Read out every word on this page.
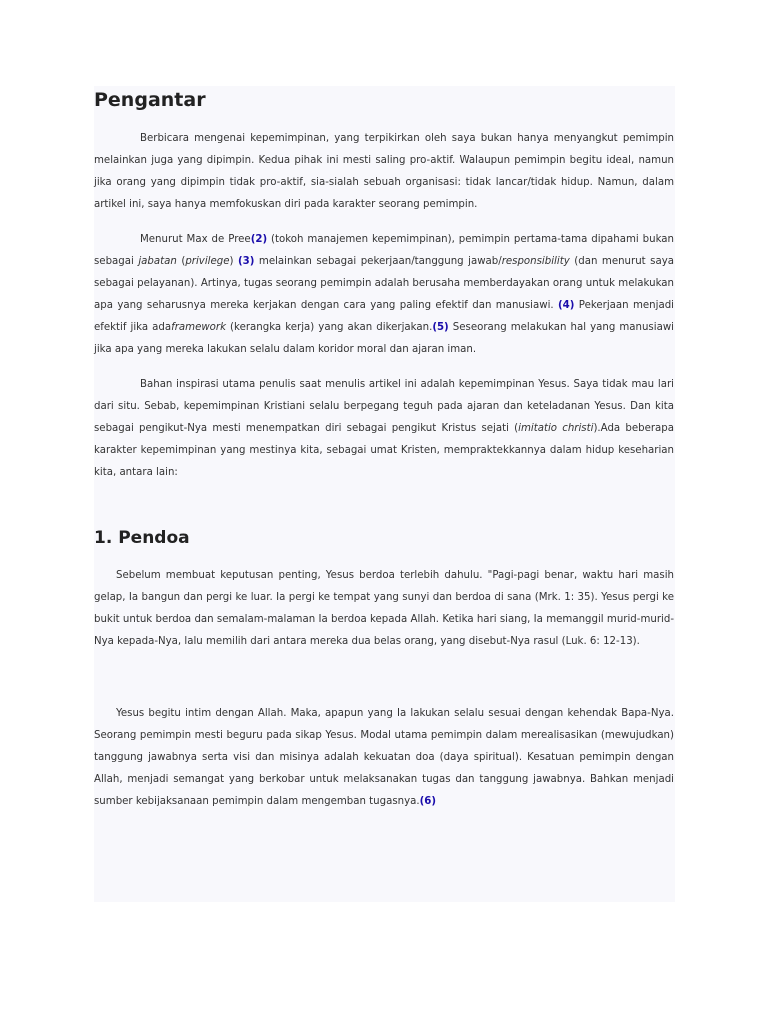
Pengantar

Berbicara mengenai kepemimpinan, yang terpikirkan oleh saya bukan hanya menyangkut pemimpin melainkan juga yang dipimpin. Kedua pihak ini mesti saling pro-aktif. Walaupun pemimpin begitu ideal, namun jika orang yang dipimpin tidak pro-aktif, sia-sialah sebuah organisasi: tidak lancar/tidak hidup. Namun, dalam artikel ini, saya hanya memfokuskan diri pada karakter seorang pemimpin.

Menurut Max de Pree(2) (tokoh manajemen kepemimpinan), pemimpin pertama-tama dipahami bukan sebagai jabatan (privilege) (3) melainkan sebagai pekerjaan/tanggung jawab/responsibility (dan menurut saya sebagai pelayanan). Artinya, tugas seorang pemimpin adalah berusaha memberdayakan orang untuk melakukan apa yang seharusnya mereka kerjakan dengan cara yang paling efektif dan manusiawi. (4) Pekerjaan menjadi efektif jika adaframework (kerangka kerja) yang akan dikerjakan.(5) Seseorang melakukan hal yang manusiawi jika apa yang mereka lakukan selalu dalam koridor moral dan ajaran iman.

Bahan inspirasi utama penulis saat menulis artikel ini adalah kepemimpinan Yesus. Saya tidak mau lari dari situ. Sebab, kepemimpinan Kristiani selalu berpegang teguh pada ajaran dan keteladanan Yesus. Dan kita sebagai pengikut-Nya mesti menempatkan diri sebagai pengikut Kristus sejati (imitatio christi).Ada beberapa karakter kepemimpinan yang mestinya kita, sebagai umat Kristen, mempraktekkannya dalam hidup keseharian kita, antara lain:

1. Pendoa

Sebelum membuat keputusan penting, Yesus berdoa terlebih dahulu. "Pagi-pagi benar, waktu hari masih gelap, Ia bangun dan pergi ke luar. Ia pergi ke tempat yang sunyi dan berdoa di sana (Mrk. 1: 35). Yesus pergi ke bukit untuk berdoa dan semalam-malaman Ia berdoa kepada Allah. Ketika hari siang, Ia memanggil murid-murid-Nya kepada-Nya, lalu memilih dari antara mereka dua belas orang, yang disebut-Nya rasul (Luk. 6: 12-13).

Yesus begitu intim dengan Allah. Maka, apapun yang Ia lakukan selalu sesuai dengan kehendak Bapa-Nya. Seorang pemimpin mesti beguru pada sikap Yesus. Modal utama pemimpin dalam merealisasikan (mewujudkan) tanggung jawabnya serta visi dan misinya adalah kekuatan doa (daya spiritual). Kesatuan pemimpin dengan Allah, menjadi semangat yang berkobar untuk melaksanakan tugas dan tanggung jawabnya. Bahkan menjadi sumber kebijaksanaan pemimpin dalam mengemban tugasnya.(6)
